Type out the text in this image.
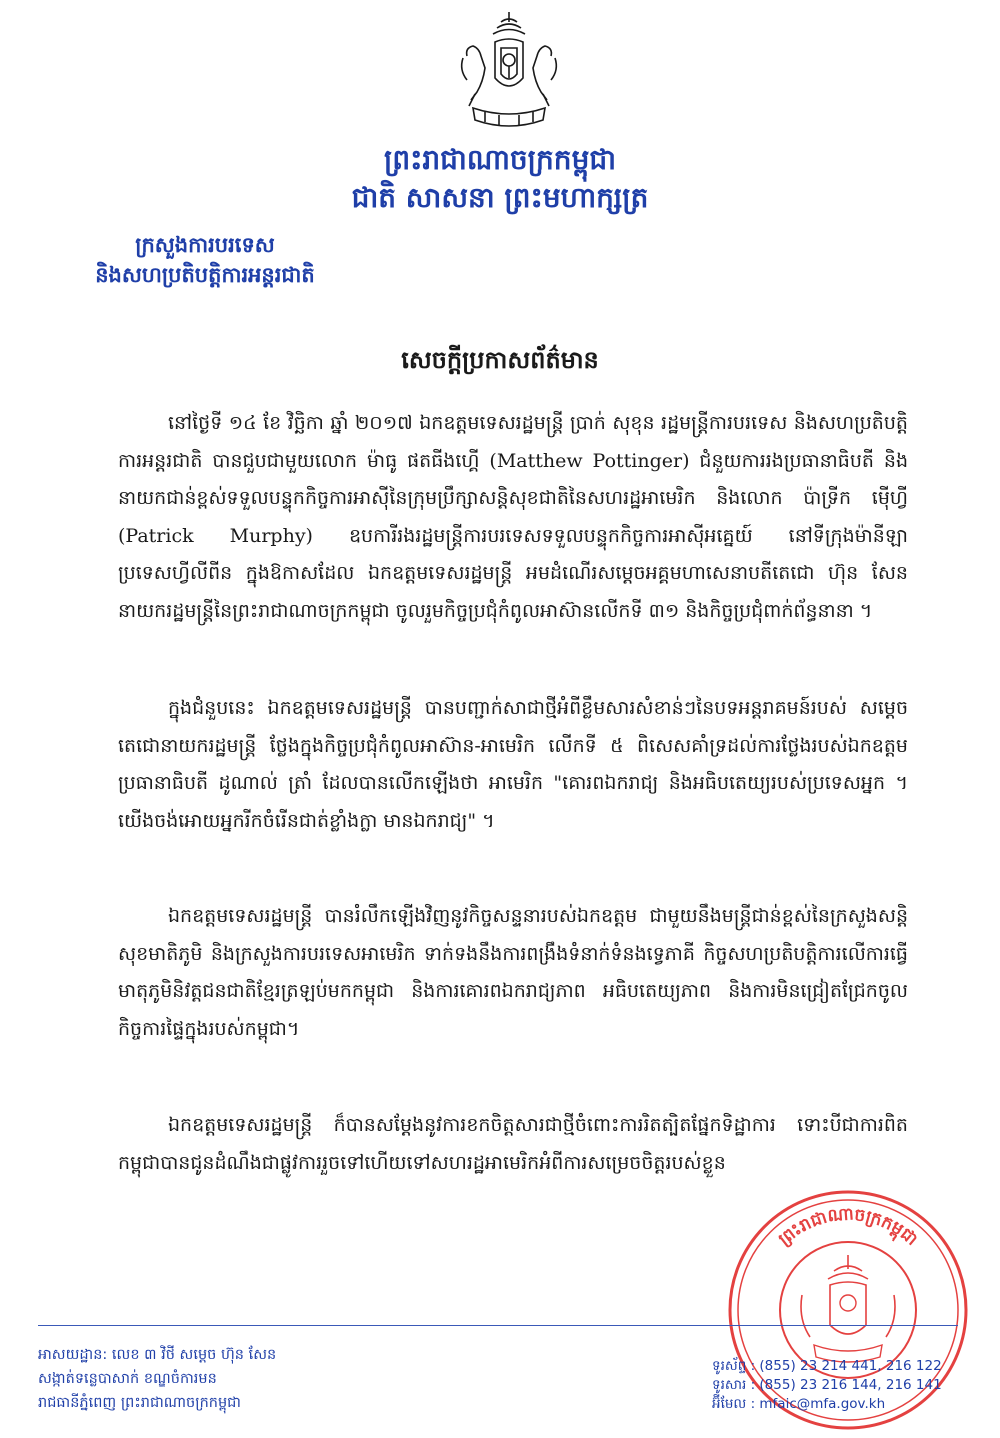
ព្រះរាជាណាចក្រកម្ពុជា
ជាតិ សាសនា ព្រះមហាក្សត្រ
ក្រសួងការបរទេស
និងសហប្រតិបត្តិការអន្តរជាតិ
សេចក្ដីប្រកាសព័ត៌មាន
នៅថ្ងៃទី ១៤ ខែ វិច្ឆិកា ឆ្នាំ ២០១៧ ឯកឧត្តមទេសរដ្ឋមន្ត្រី ប្រាក់ សុខុន រដ្ឋមន្ត្រីការបរទេស និងសហប្រតិបត្តិការអន្តរជាតិ បានជួបជាមួយលោក ម៉ាធូ ផតធីងហ្គើ (Matthew Pottinger) ជំនួយការរងប្រធានាធិបតី និងនាយកជាន់ខ្ពស់ទទួលបន្ទុកកិច្ចការអាស៊ីនៃក្រុមប្រឹក្សាសន្តិសុខជាតិនៃសហរដ្ឋអាមេរិក និងលោក ប៉ាទ្រីក ម៉ើហ្វី (Patrick Murphy) ឧបការីរងរដ្ឋមន្ត្រីការបរទេសទទួលបន្ទុកកិច្ចការអាស៊ីអគ្នេយ៍ នៅទីក្រុងម៉ានីឡា ប្រទេសហ្វីលីពីន ក្នុងឱកាសដែល ឯកឧត្តមទេសរដ្ឋមន្ត្រី អមដំណើរសម្ដេចអគ្គមហាសេនាបតីតេជោ ហ៊ុន សែន នាយករដ្ឋមន្ត្រីនៃព្រះរាជាណាចក្រកម្ពុជា ចូលរួមកិច្ចប្រជុំកំពូលអាស៊ានលើកទី ៣១ និងកិច្ចប្រជុំពាក់ព័ន្ធនានា ។
ក្នុងជំនួបនេះ ឯកឧត្តមទេសរដ្ឋមន្ត្រី បានបញ្ជាក់សាជាថ្មីអំពីខ្លឹមសារសំខាន់ៗនៃបទអន្តរាគមន៍របស់ សម្ដេចតេជោនាយករដ្ឋមន្ត្រី ថ្លែងក្នុងកិច្ចប្រជុំកំពូលអាស៊ាន-អាមេរិក លើកទី ៥ ពិសេសគាំទ្រដល់ការថ្លែងរបស់ឯកឧត្តមប្រធានាធិបតី ដូណាល់ ត្រាំ ដែលបានលើកឡើងថា អាមេរិក "គោរពឯករាជ្យ និងអធិបតេយ្យរបស់ប្រទេសអ្នក ។ យើងចង់អោយអ្នករីកចំរើនជាត់ខ្លាំងក្លា មានឯករាជ្យ" ។
ឯកឧត្តមទេសរដ្ឋមន្ត្រី បានរំលឹកឡើងវិញនូវកិច្ចសន្ទនារបស់ឯកឧត្តម ជាមួយនឹងមន្ត្រីជាន់ខ្ពស់នៃក្រសួងសន្តិសុខមាតិភូមិ និងក្រសួងការបរទេសអាមេរិក ទាក់ទងនឹងការពង្រឹងទំនាក់ទំនងទ្វេភាគី កិច្ចសហប្រតិបត្តិការលើការធ្វើមាតុភូមិនិវត្តជនជាតិខ្មែរត្រឡប់មកកម្ពុជា និងការគោរពឯករាជ្យភាព អធិបតេយ្យភាព និងការមិនជ្រៀតជ្រែកចូលកិច្ចការផ្ទៃក្នុងរបស់កម្ពុជា។
ឯកឧត្តមទេសរដ្ឋមន្ត្រី ក៏បានសម្ដែងនូវការខកចិត្តសារជាថ្មីចំពោះការរិតត្បិតផ្នែកទិដ្ឋាការ ទោះបីជាការពិត កម្ពុជាបានជូនដំណឹងជាផ្លូវការរួចទៅហើយទៅសហរដ្ឋអាមេរិកអំពីការសម្រេចចិត្តរបស់ខ្លួន
ព្រះរាជាណាចក្រកម្ពុជា
អាសយដ្ឋាន: លេខ ៣ វិថី សម្ដេច ហ៊ុន សែន
សង្កាត់ទន្លេបាសាក់ ខណ្ឌចំការមន
រាជធានីភ្នំពេញ ព្រះរាជាណាចក្រកម្ពុជា
ទូរស័ព្ទ : (855) 23 214 441, 216 122
ទូរសារ : (855) 23 216 144, 216 141
អ៊ីមែល : mfaic@mfa.gov.kh
